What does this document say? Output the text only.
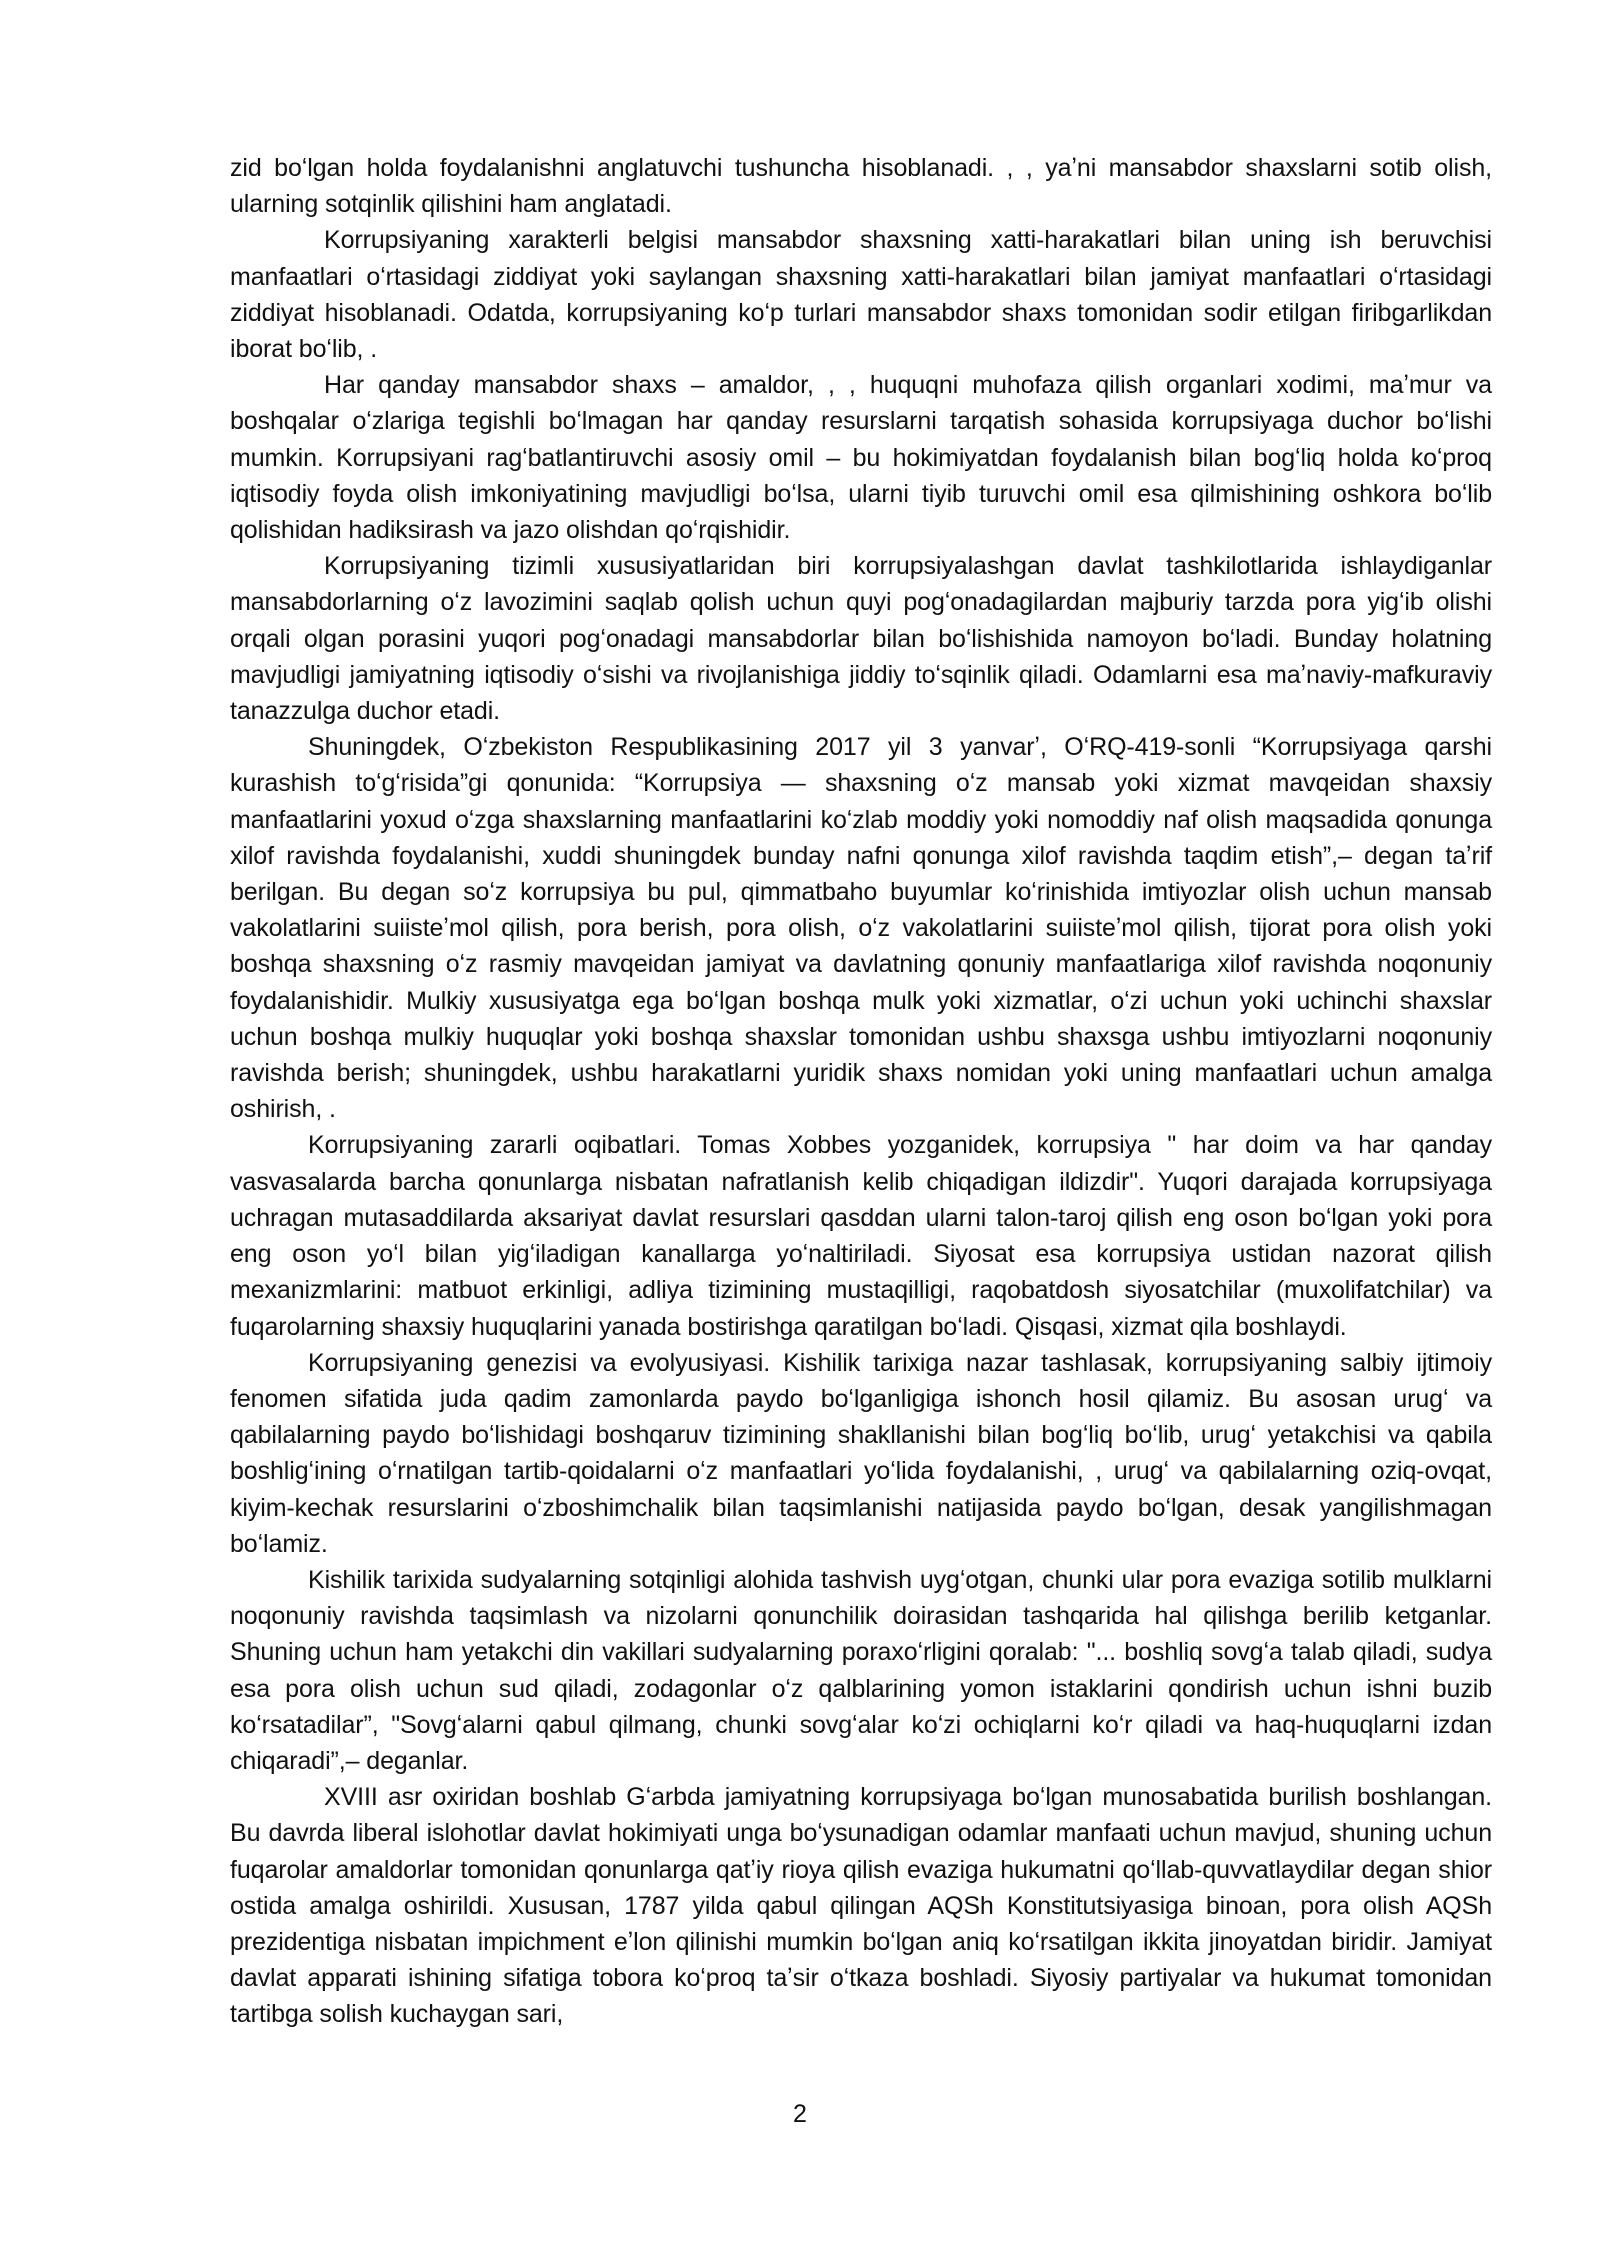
zid boʻlgan holda foydalanishni anglatuvchi tushuncha hisoblanadi. , , yaʼni mansabdor shaxslarni sotib olish, ularning sotqinlik qilishini ham anglatadi.

Korrupsiyaning xarakterli belgisi mansabdor shaxsning xatti-harakatlari bilan uning ish beruvchisi manfaatlari oʻrtasidagi ziddiyat yoki saylangan shaxsning xatti-harakatlari bilan jamiyat manfaatlari oʻrtasidagi ziddiyat hisoblanadi. Odatda, korrupsiyaning koʻp turlari mansabdor shaxs tomonidan sodir etilgan firibgarlikdan iborat boʻlib, .

Har qanday mansabdor shaxs – amaldor, , , huquqni muhofaza qilish organlari xodimi, maʼmur va boshqalar oʻzlariga tegishli boʻlmagan har qanday resurslarni tarqatish sohasida korrupsiyaga duchor boʻlishi mumkin. Korrupsiyani ragʻbatlantiruvchi asosiy omil – bu hokimiyatdan foydalanish bilan bogʻliq holda koʻproq iqtisodiy foyda olish imkoniyatining mavjudligi boʻlsa, ularni tiyib turuvchi omil esa qilmishining oshkora boʻlib qolishidan hadiksirash va jazo olishdan qoʻrqishidir.

Korrupsiyaning tizimli xususiyatlaridan biri korrupsiyalashgan davlat tashkilotlarida ishlaydiganlar mansabdorlarning oʻz lavozimini saqlab qolish uchun quyi pogʻonadagilardan majburiy tarzda pora yigʻib olishi orqali olgan porasini yuqori pogʻonadagi mansabdorlar bilan boʻlishishida namoyon boʻladi. Bunday holatning mavjudligi jamiyatning iqtisodiy oʻsishi va rivojlanishiga jiddiy toʻsqinlik qiladi. Odamlarni esa maʼnaviy-mafkuraviy tanazzulga duchor etadi.

Shuningdek, Oʻzbekiston Respublikasining 2017 yil 3 yanvarʼ, OʻRQ-419-sonli “Korrupsiyaga qarshi kurashish toʻgʻrisida”gi qonunida: “Korrupsiya — shaxsning oʻz mansab yoki xizmat mavqeidan shaxsiy manfaatlarini yoxud oʻzga shaxslarning manfaatlarini koʻzlab moddiy yoki nomoddiy naf olish maqsadida qonunga xilof ravishda foydalanishi, xuddi shuningdek bunday nafni qonunga xilof ravishda taqdim etish”,– degan taʼrif berilgan. Bu degan soʻz korrupsiya bu pul, qimmatbaho buyumlar koʻrinishida imtiyozlar olish uchun mansab vakolatlarini suiisteʼmol qilish, pora berish, pora olish, oʻz vakolatlarini suiisteʼmol qilish, tijorat pora olish yoki boshqa shaxsning oʻz rasmiy mavqeidan jamiyat va davlatning qonuniy manfaatlariga xilof ravishda noqonuniy foydalanishidir. Mulkiy xususiyatga ega boʻlgan boshqa mulk yoki xizmatlar, oʻzi uchun yoki uchinchi shaxslar uchun boshqa mulkiy huquqlar yoki boshqa shaxslar tomonidan ushbu shaxsga ushbu imtiyozlarni noqonuniy ravishda berish; shuningdek, ushbu harakatlarni yuridik shaxs nomidan yoki uning manfaatlari uchun amalga oshirish, .

Korrupsiyaning zararli oqibatlari. Tomas Xobbes yozganidek, korrupsiya " har doim va har qanday vasvasalarda barcha qonunlarga nisbatan nafratlanish kelib chiqadigan ildizdir". Yuqori darajada korrupsiyaga uchragan mutasaddilarda aksariyat davlat resurslari qasddan ularni talon-taroj qilish eng oson boʻlgan yoki pora eng oson yoʻl bilan yigʻiladigan kanallarga yoʻnaltiriladi. Siyosat esa korrupsiya ustidan nazorat qilish mexanizmlarini: matbuot erkinligi, adliya tizimining mustaqilligi, raqobatdosh siyosatchilar (muxolifatchilar) va fuqarolarning shaxsiy huquqlarini yanada bostirishga qaratilgan boʻladi. Qisqasi, xizmat qila boshlaydi.

Korrupsiyaning genezisi va evolyusiyasi. Kishilik tarixiga nazar tashlasak, korrupsiyaning salbiy ijtimoiy fenomen sifatida juda qadim zamonlarda paydo boʻlganligiga ishonch hosil qilamiz. Bu asosan urugʻ va qabilalarning paydo boʻlishidagi boshqaruv tizimining shakllanishi bilan bogʻliq boʻlib, urugʻ yetakchisi va qabila boshligʻining oʻrnatilgan tartib-qoidalarni oʻz manfaatlari yoʻlida foydalanishi, , urugʻ va qabilalarning oziq-ovqat, kiyim-kechak resurslarini oʻzboshimchalik bilan taqsimlanishi natijasida paydo boʻlgan, desak yangilishmagan boʻlamiz.

Kishilik tarixida sudyalarning sotqinligi alohida tashvish uygʻotgan, chunki ular pora evaziga sotilib mulklarni noqonuniy ravishda taqsimlash va nizolarni qonunchilik doirasidan tashqarida hal qilishga berilib ketganlar. Shuning uchun ham yetakchi din vakillari sudyalarning poraxoʻrligini qoralab: "... boshliq sovgʻa talab qiladi, sudya esa pora olish uchun sud qiladi, zodagonlar oʻz qalblarining yomon istaklarini qondirish uchun ishni buzib koʻrsatadilar”, "Sovgʻalarni qabul qilmang, chunki sovgʻalar koʻzi ochiqlarni koʻr qiladi va haq-huquqlarni izdan chiqaradi”,– deganlar.

XVIII asr oxiridan boshlab Gʻarbda jamiyatning korrupsiyaga boʻlgan munosabatida burilish boshlangan. Bu davrda liberal islohotlar davlat hokimiyati unga boʻysunadigan odamlar manfaati uchun mavjud, shuning uchun fuqarolar amaldorlar tomonidan qonunlarga qatʼiy rioya qilish evaziga hukumatni qoʻllab-quvvatlaydilar degan shior ostida amalga oshirildi. Xususan, 1787 yilda qabul qilingan AQSh Konstitutsiyasiga binoan, pora olish AQSh prezidentiga nisbatan impichment eʼlon qilinishi mumkin boʻlgan aniq koʻrsatilgan ikkita jinoyatdan biridir. Jamiyat davlat apparati ishining sifatiga tobora koʻproq taʼsir oʻtkaza boshladi. Siyosiy partiyalar va hukumat tomonidan tartibga solish kuchaygan sari,

2
